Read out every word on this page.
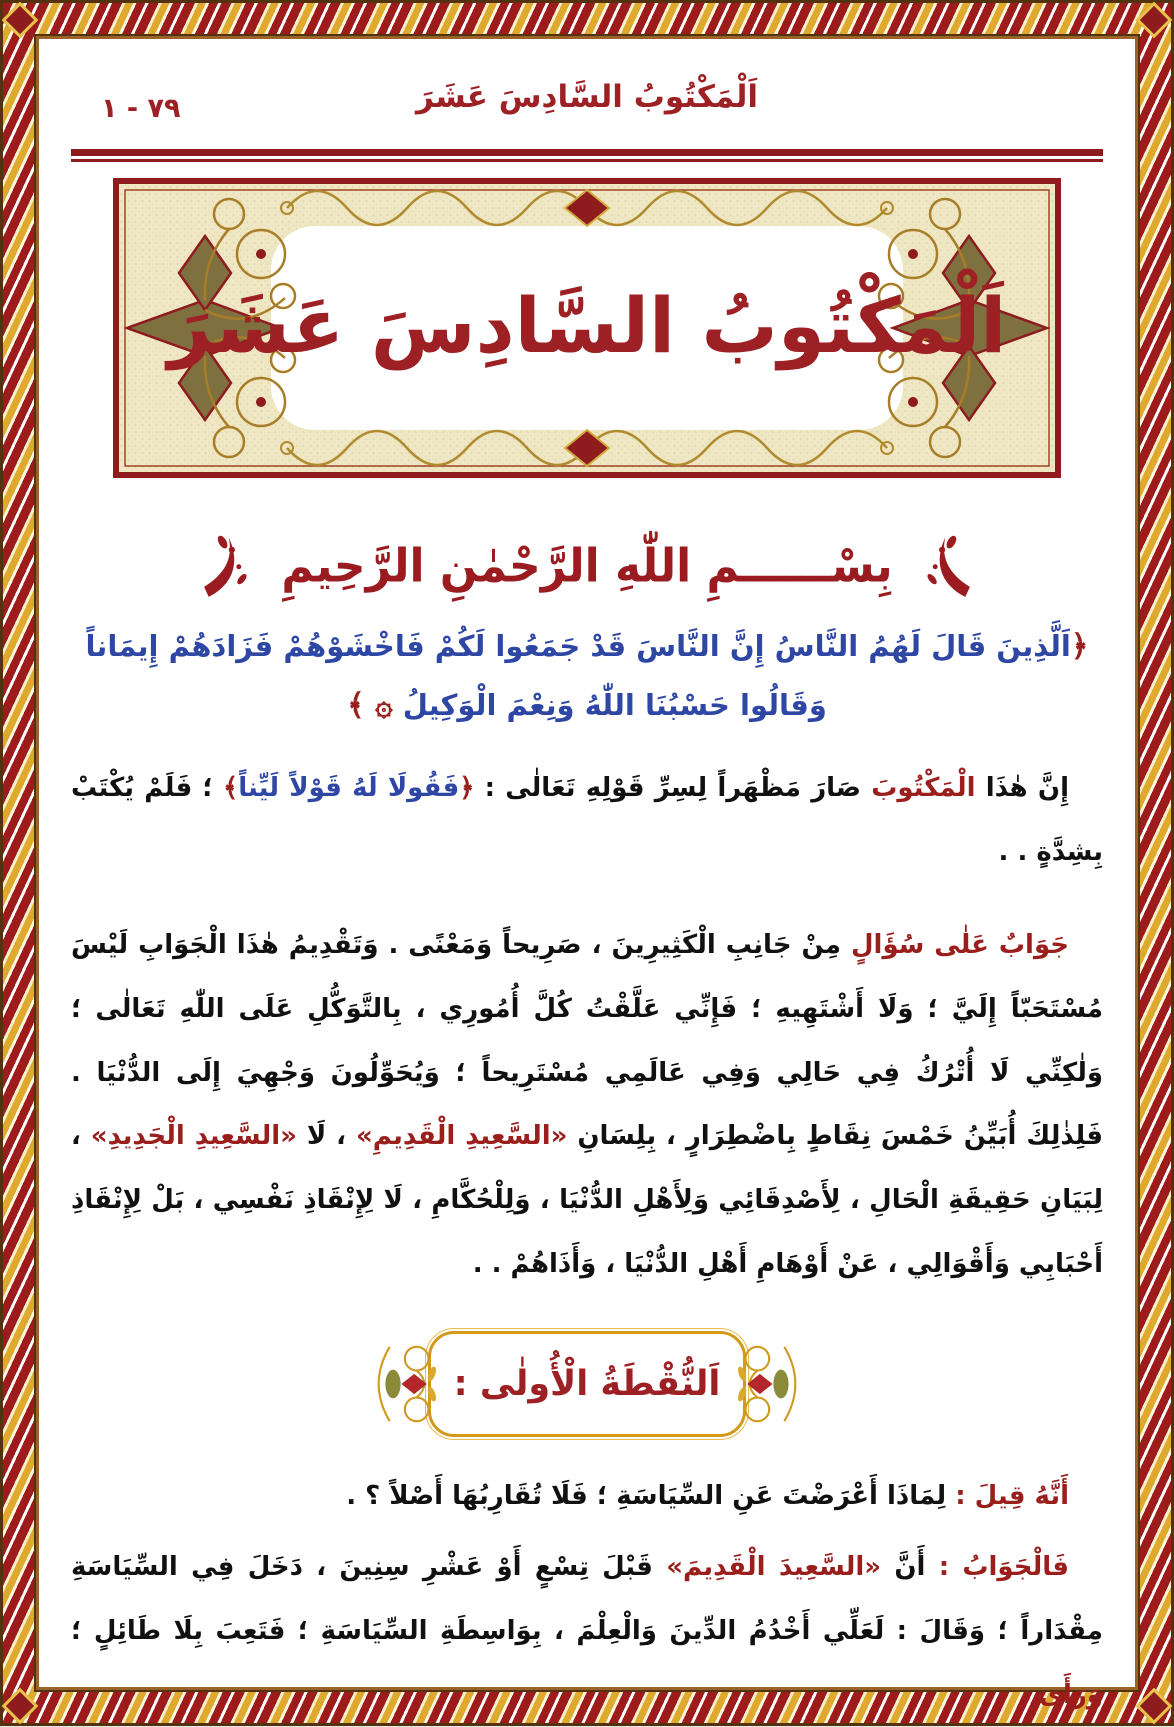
٧٩ - ١	اَلْمَكْتُوبُ السَّادِسَ عَشَرَ
اَلْمَكْتُوبُ السَّادِسَ عَشَرَ
بِسْــــــمِ اللّٰهِ الرَّحْمٰنِ الرَّحِيمِ
﴿اَلَّذِينَ قَالَ لَهُمُ النَّاسُ إِنَّ النَّاسَ قَدْ جَمَعُوا لَكُمْ فَاخْشَوْهُمْ فَزَادَهُمْ إِيمَاناً
وَقَالُوا حَسْبُنَا اللّٰهُ وَنِعْمَ الْوَكِيلُ ۞ ﴾
إِنَّ هٰذَا الْمَكْتُوبَ صَارَ مَظْهَراً لِسِرِّ قَوْلِهِ تَعَالٰى : ﴿فَقُولَا لَهُ قَوْلاً لَيِّناً﴾ ؛ فَلَمْ يُكْتَبْ بِشِدَّةٍ . .
جَوَابٌ عَلٰى سُؤَالٍ مِنْ جَانِبِ الْكَثِيرِينَ ، صَرِيحاً وَمَعْنًى . وَتَقْدِيمُ هٰذَا الْجَوَابِ لَيْسَ مُسْتَحَبّاً إِلَيَّ ؛ وَلَا أَشْتَهِيهِ ؛ فَإِنِّي عَلَّقْتُ كُلَّ أُمُورِي ، بِالتَّوَكُّلِ عَلَى اللّٰهِ تَعَالٰى ؛ وَلٰكِنِّي لَا أُتْرُكُ فِي حَالِي وَفِي عَالَمِي مُسْتَرِيحاً ؛ وَيُحَوِّلُونَ وَجْهِيَ إِلَى الدُّنْيَا . فَلِذٰلِكَ أُبَيِّنُ خَمْسَ نِقَاطٍ بِاضْطِرَارٍ ، بِلِسَانِ «السَّعِيدِ الْقَدِيمِ» ، لَا «السَّعِيدِ الْجَدِيدِ» ، لِبَيَانِ حَقِيقَةِ الْحَالِ ، لِأَصْدِقَائِي وَلِأَهْلِ الدُّنْيَا ، وَلِلْحُكَّامِ ، لَا لِإِنْقَاذِ نَفْسِي ، بَلْ لِإِنْقَاذِ أَحْبَابِي وَأَقْوَالِي ، عَنْ أَوْهَامِ أَهْلِ الدُّنْيَا ، وَأَذَاهُمْ . .
اَلنُّقْطَةُ الْأُولٰى :
أَنَّهُ قِيلَ : لِمَاذَا أَعْرَضْتَ عَنِ السِّيَاسَةِ ؛ فَلَا تُقَارِبُهَا أَصْلاً ؟ .
فَالْجَوَابُ : أَنَّ «السَّعِيدَ الْقَدِيمَ» قَبْلَ تِسْعٍ أَوْ عَشْرِ سِنِينَ ، دَخَلَ فِي السِّيَاسَةِ مِقْدَاراً ؛ وَقَالَ : لَعَلِّي أَخْدُمُ الدِّينَ وَالْعِلْمَ ، بِوَاسِطَةِ السِّيَاسَةِ ؛ فَتَعِبَ بِلَا طَائِلٍ ؛ وَرَأَى
